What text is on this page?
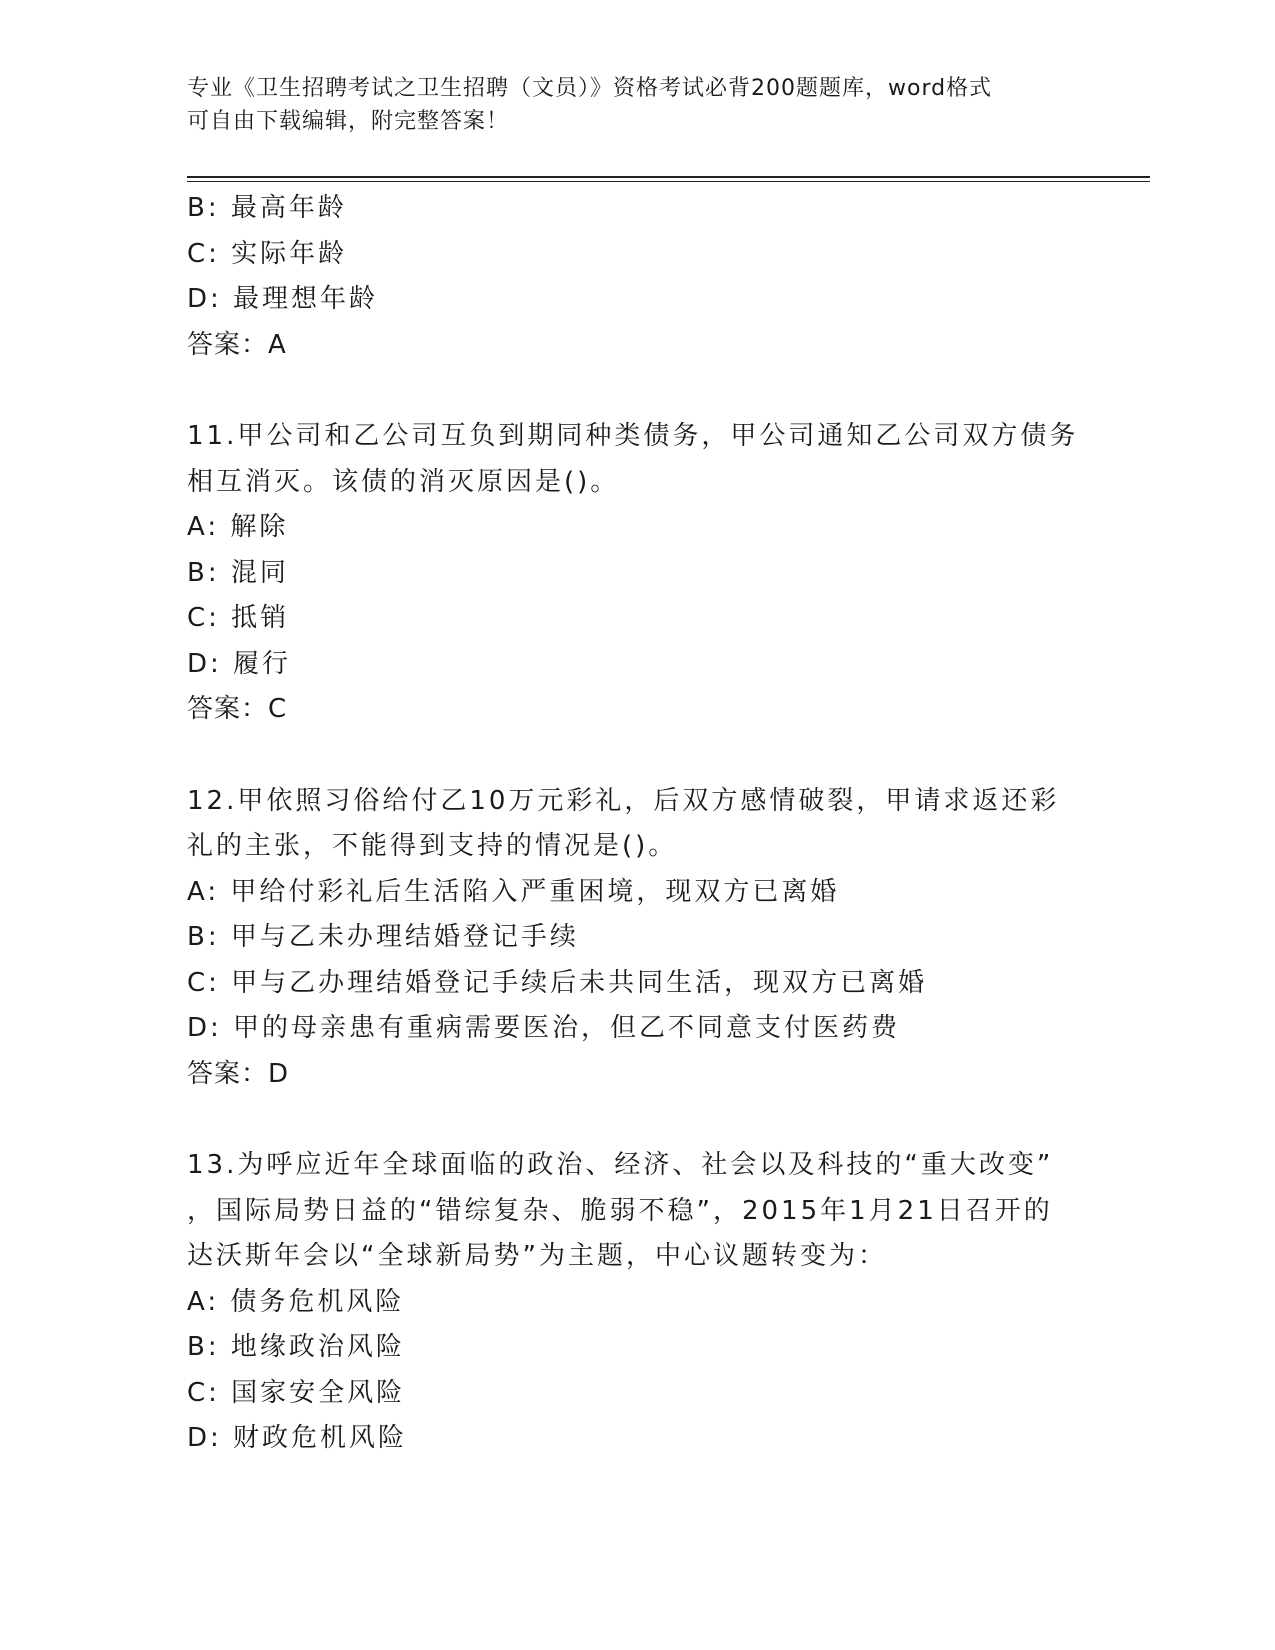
专业《卫生招聘考试之卫生招聘（文员）》资格考试必背200题题库，word格式
可自由下载编辑，附完整答案！
B: 最高年龄
C: 实际年龄
D: 最理想年龄
答案：A
11.甲公司和乙公司互负到期同种类债务，甲公司通知乙公司双方债务
相互消灭。该债的消灭原因是()。
A: 解除
B: 混同
C: 抵销
D: 履行
答案：C
12.甲依照习俗给付乙10万元彩礼，后双方感情破裂，甲请求返还彩
礼的主张，不能得到支持的情况是()。
A: 甲给付彩礼后生活陷入严重困境，现双方已离婚
B: 甲与乙未办理结婚登记手续
C: 甲与乙办理结婚登记手续后未共同生活，现双方已离婚
D: 甲的母亲患有重病需要医治，但乙不同意支付医药费
答案：D
13.为呼应近年全球面临的政治、经济、社会以及科技的“重大改变”
，国际局势日益的“错综复杂、脆弱不稳”，2015年1月21日召开的
达沃斯年会以“全球新局势”为主题，中心议题转变为：
A: 债务危机风险
B: 地缘政治风险
C: 国家安全风险
D: 财政危机风险
